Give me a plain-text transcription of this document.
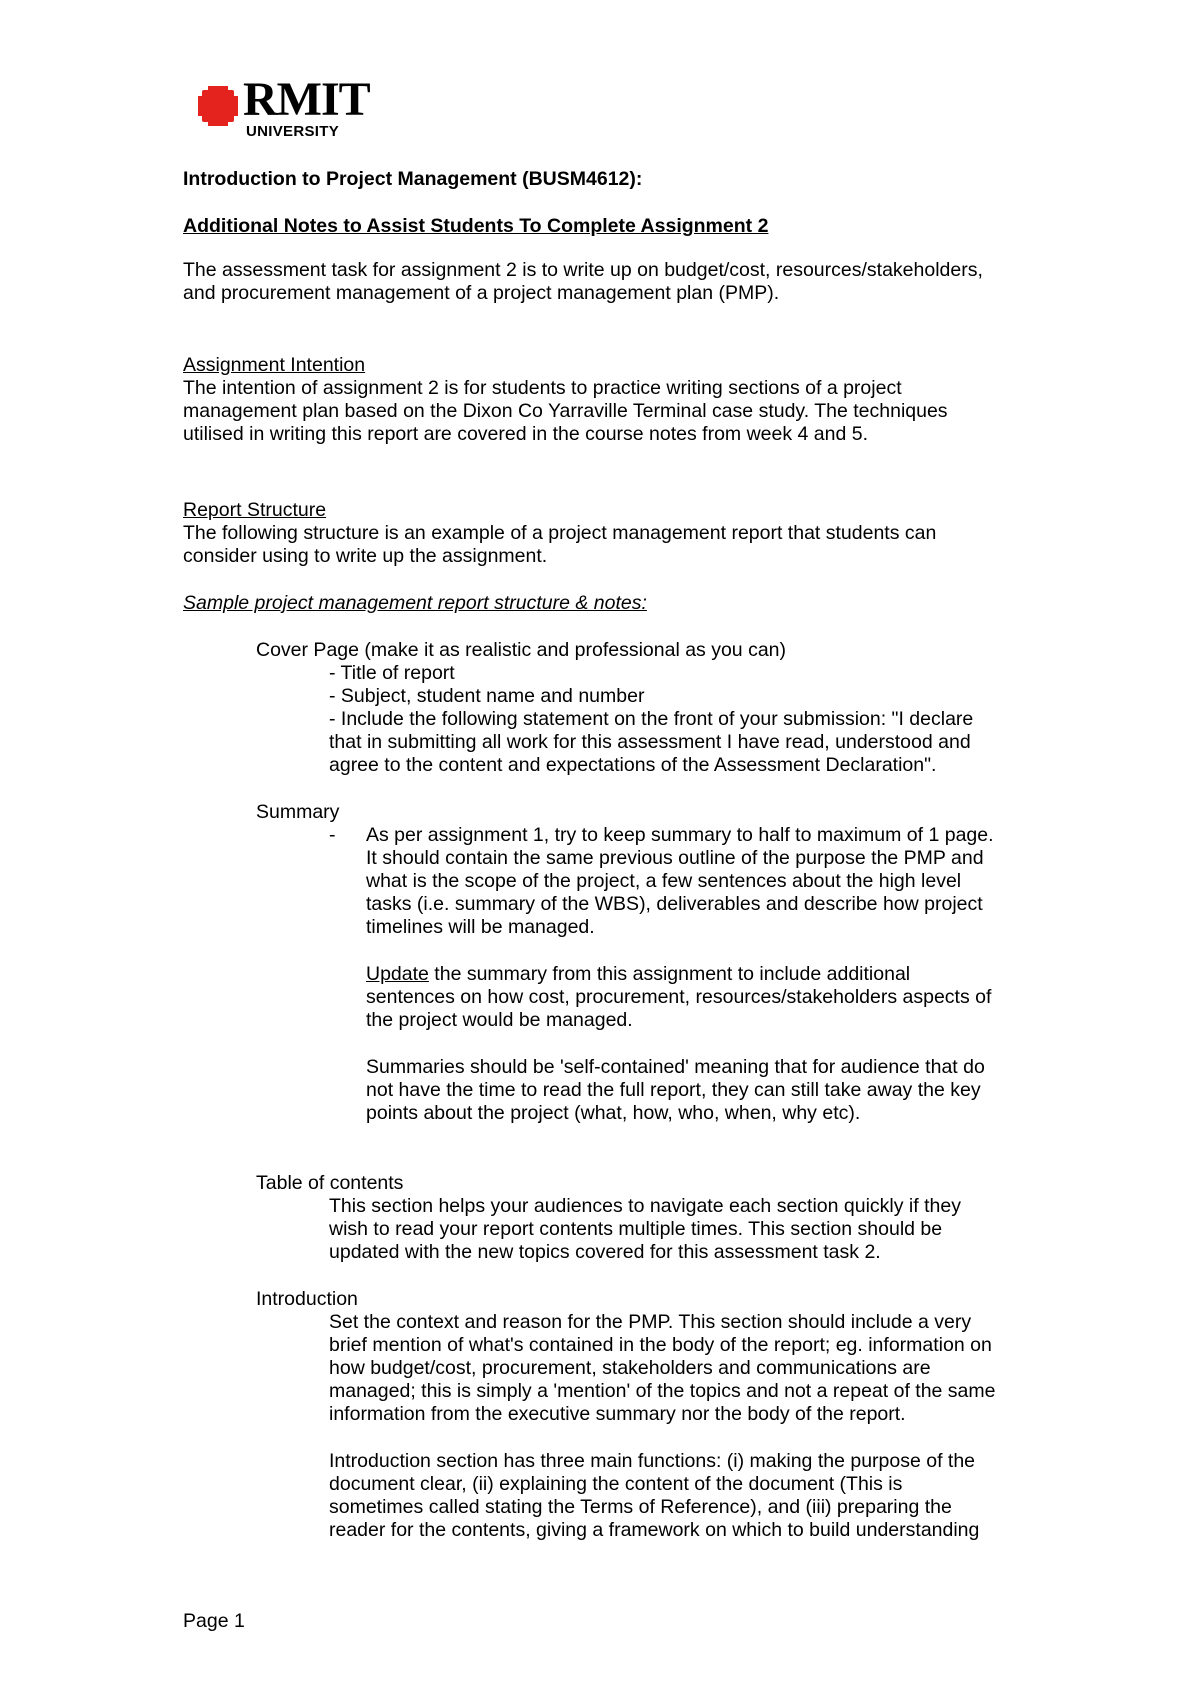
RMIT
UNIVERSITY
Introduction to Project Management (BUSM4612):
Additional Notes to Assist Students To Complete Assignment 2
The assessment task for assignment 2 is to write up on budget/cost, resources/stakeholders,
and procurement management of a project management plan (PMP).
Assignment Intention
The intention of assignment 2 is for students to practice writing sections of a project
management plan based on the Dixon Co Yarraville Terminal case study. The techniques
utilised in writing this report are covered in the course notes from week 4 and 5.
Report Structure
The following structure is an example of a project management report that students can
consider using to write up the assignment.
Sample project management report structure & notes:
Cover Page (make it as realistic and professional as you can)
- Title of report
- Subject, student name and number
- Include the following statement on the front of your submission: "I declare
that in submitting all work for this assessment I have read, understood and
agree to the content and expectations of the Assessment Declaration".
Summary
- As per assignment 1, try to keep summary to half to maximum of 1 page.
It should contain the same previous outline of the purpose the PMP and
what is the scope of the project, a few sentences about the high level
tasks (i.e. summary of the WBS), deliverables and describe how project
timelines will be managed.
Update the summary from this assignment to include additional
sentences on how cost, procurement, resources/stakeholders aspects of
the project would be managed.
Summaries should be 'self-contained' meaning that for audience that do
not have the time to read the full report, they can still take away the key
points about the project (what, how, who, when, why etc).
Table of contents
This section helps your audiences to navigate each section quickly if they
wish to read your report contents multiple times. This section should be
updated with the new topics covered for this assessment task 2.
Introduction
Set the context and reason for the PMP. This section should include a very
brief mention of what's contained in the body of the report; eg. information on
how budget/cost, procurement, stakeholders and communications are
managed; this is simply a 'mention' of the topics and not a repeat of the same
information from the executive summary nor the body of the report.
Introduction section has three main functions: (i) making the purpose of the
document clear, (ii) explaining the content of the document (This is
sometimes called stating the Terms of Reference), and (iii) preparing the
reader for the contents, giving a framework on which to build understanding
Page 1
